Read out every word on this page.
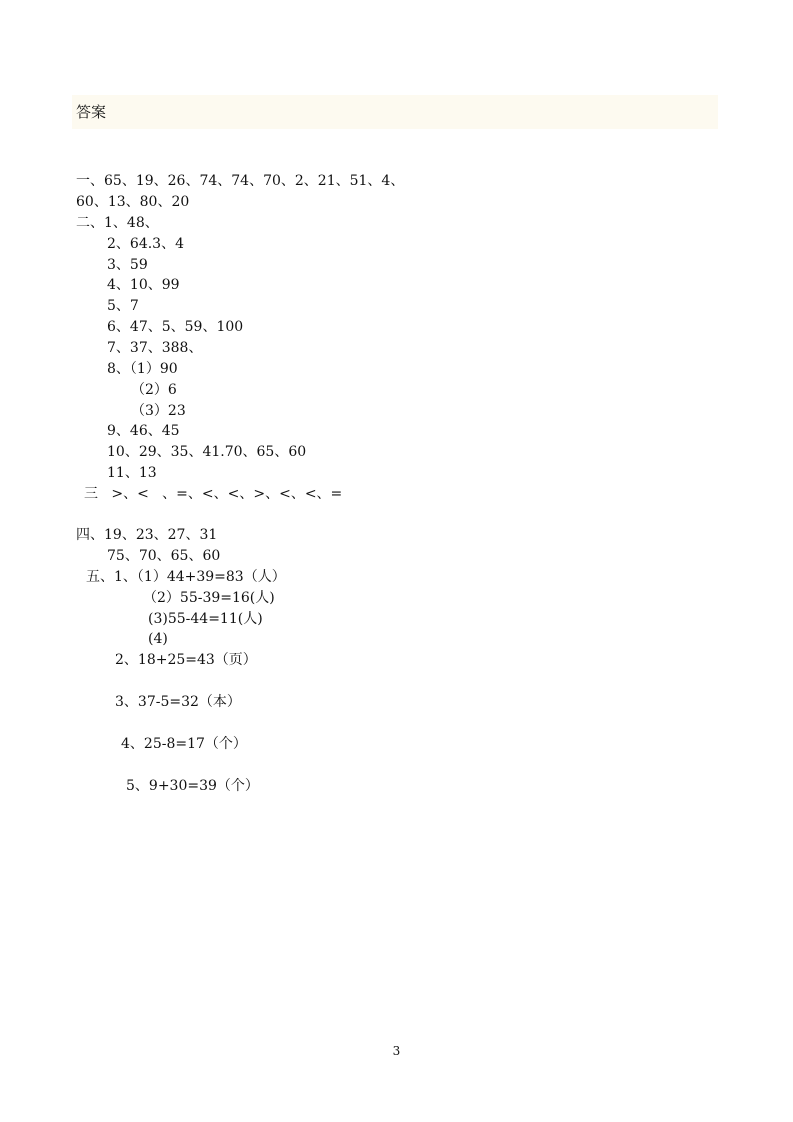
答案
一、65、19、26、74、74、70、2、21、51、4、
60、13、80、20
二、1、48、
2、64.3、4
3、59
4、10、99
5、7
6、47、5、59、100
7、37、388、
8、（1）90
（2）6
（3）23
9、46、45
10、29、35、41.70、65、60
11、13
三   >、<   、=、<、<、>、<、<、=
四、19、23、27、31
75、70、65、60
五、1、（1）44+39=83（人）
（2）55-39=16(人)
(3)55-44=11(人)
(4)
2、18+25=43（页）
3、37-5=32（本）
4、25-8=17（个）
5、9+30=39（个）
3
